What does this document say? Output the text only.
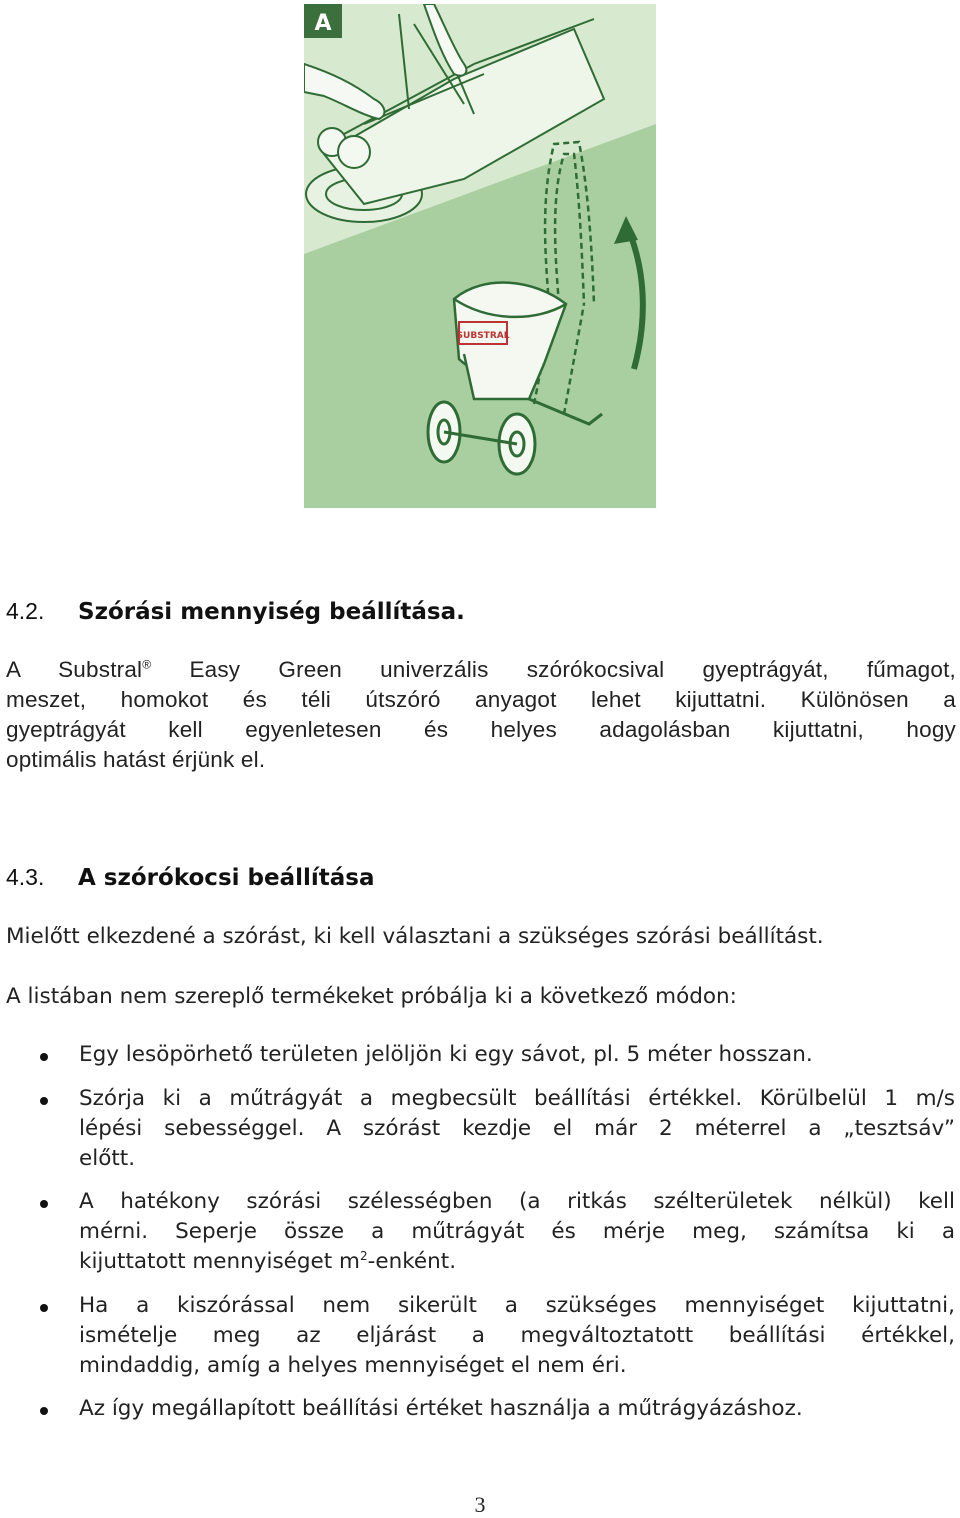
A
SUBSTRAL
4.2. Szórási mennyiség beállítása.
A Substral® Easy Green univerzális szórókocsival gyeptrágyát, fűmagot,
meszet, homokot és téli útszóró anyagot lehet kijuttatni. Különösen a
gyeptrágyát kell egyenletesen és helyes adagolásban kijuttatni, hogy
optimális hatást érjünk el.
4.3. A szórókocsi beállítása
Mielőtt elkezdené a szórást, ki kell választani a szükséges szórási beállítást.
A listában nem szereplő termékeket próbálja ki a következő módon:
Egy lesöpörhető területen jelöljön ki egy sávot, pl. 5 méter hosszan.
Szórja ki a műtrágyát a megbecsült beállítási értékkel. Körülbelül 1 m/s
lépési sebességgel. A szórást kezdje el már 2 méterrel a „tesztsáv”
előtt.
A hatékony szórási szélességben (a ritkás szélterületek nélkül) kell
mérni. Seperje össze a műtrágyát és mérje meg, számítsa ki a
kijuttatott mennyiséget $m^2$-enként.
Ha a kiszórással nem sikerült a szükséges mennyiséget kijuttatni,
ismételje meg az eljárást a megváltoztatott beállítási értékkel,
mindaddig, amíg a helyes mennyiséget el nem éri.
Az így megállapított beállítási értéket használja a műtrágyázáshoz.
3
